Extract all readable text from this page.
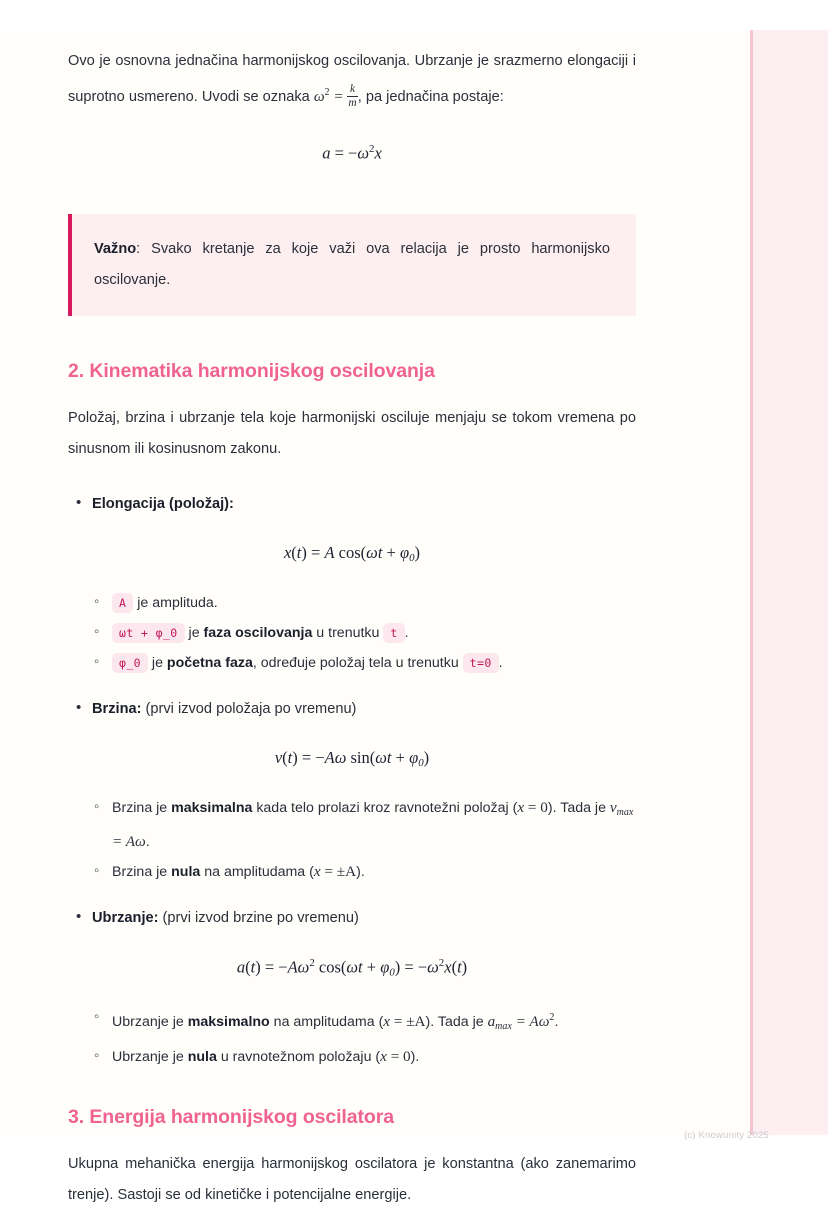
Ovo je osnovna jednačina harmonijskog oscilovanja. Ubrzanje je srazmerno elongaciji i suprotno usmereno. Uvodi se oznaka $\omega^2 = \frac{k}{m}$ , pa jednačina postaje:

$a = -\omega^2x$

Važno: Svako kretanje za koje važi ova relacija je prosto harmonijsko oscilovanje.

2. Kinematika harmonijskog oscilovanja

Položaj, brzina i ubrzanje tela koje harmonijski osciluje menjaju se tokom vremena po sinusnom ili kosinusnom zakonu.

• Elongacija (položaj):
x(t) = A $\cos(\omega t + \varphi_0)$
◦ A je amplituda.
◦ ωt + φ_0 je faza oscilovanja u trenutku t .
◦ φ_0 je početna faza, određuje položaj tela u trenutku t=0 .
• Brzina: (prvi izvod položaja po vremenu)
v(t) = −Aω $\sin(\omega t + \varphi_0)$
◦ Brzina je maksimalna kada telo prolazi kroz ravnotežni položaj (x = 0). Tada je $v_{max} = A\omega$.
◦ Brzina je nula na amplitudama (x = ±A).
• Ubrzanje: (prvi izvod brzine po vremenu)
$a(t) = -A\omega^2$ $\cos(\omega t + \varphi_0) = -\omega^2x(t)$
◦ Ubrzanje je maksimalno na amplitudama (x = ±A). Tada je $a_{max} = A\omega^2$.
◦ Ubrzanje je nula u ravnotežnom položaju (x = 0).
3. Energija harmonijskog oscilatora

Ukupna mehanička energija harmonijskog oscilatora je konstantna (ako zanemarimo trenje). Sastoji se od kinetičke i potencijalne energije.

(c) Knowunity 2025
